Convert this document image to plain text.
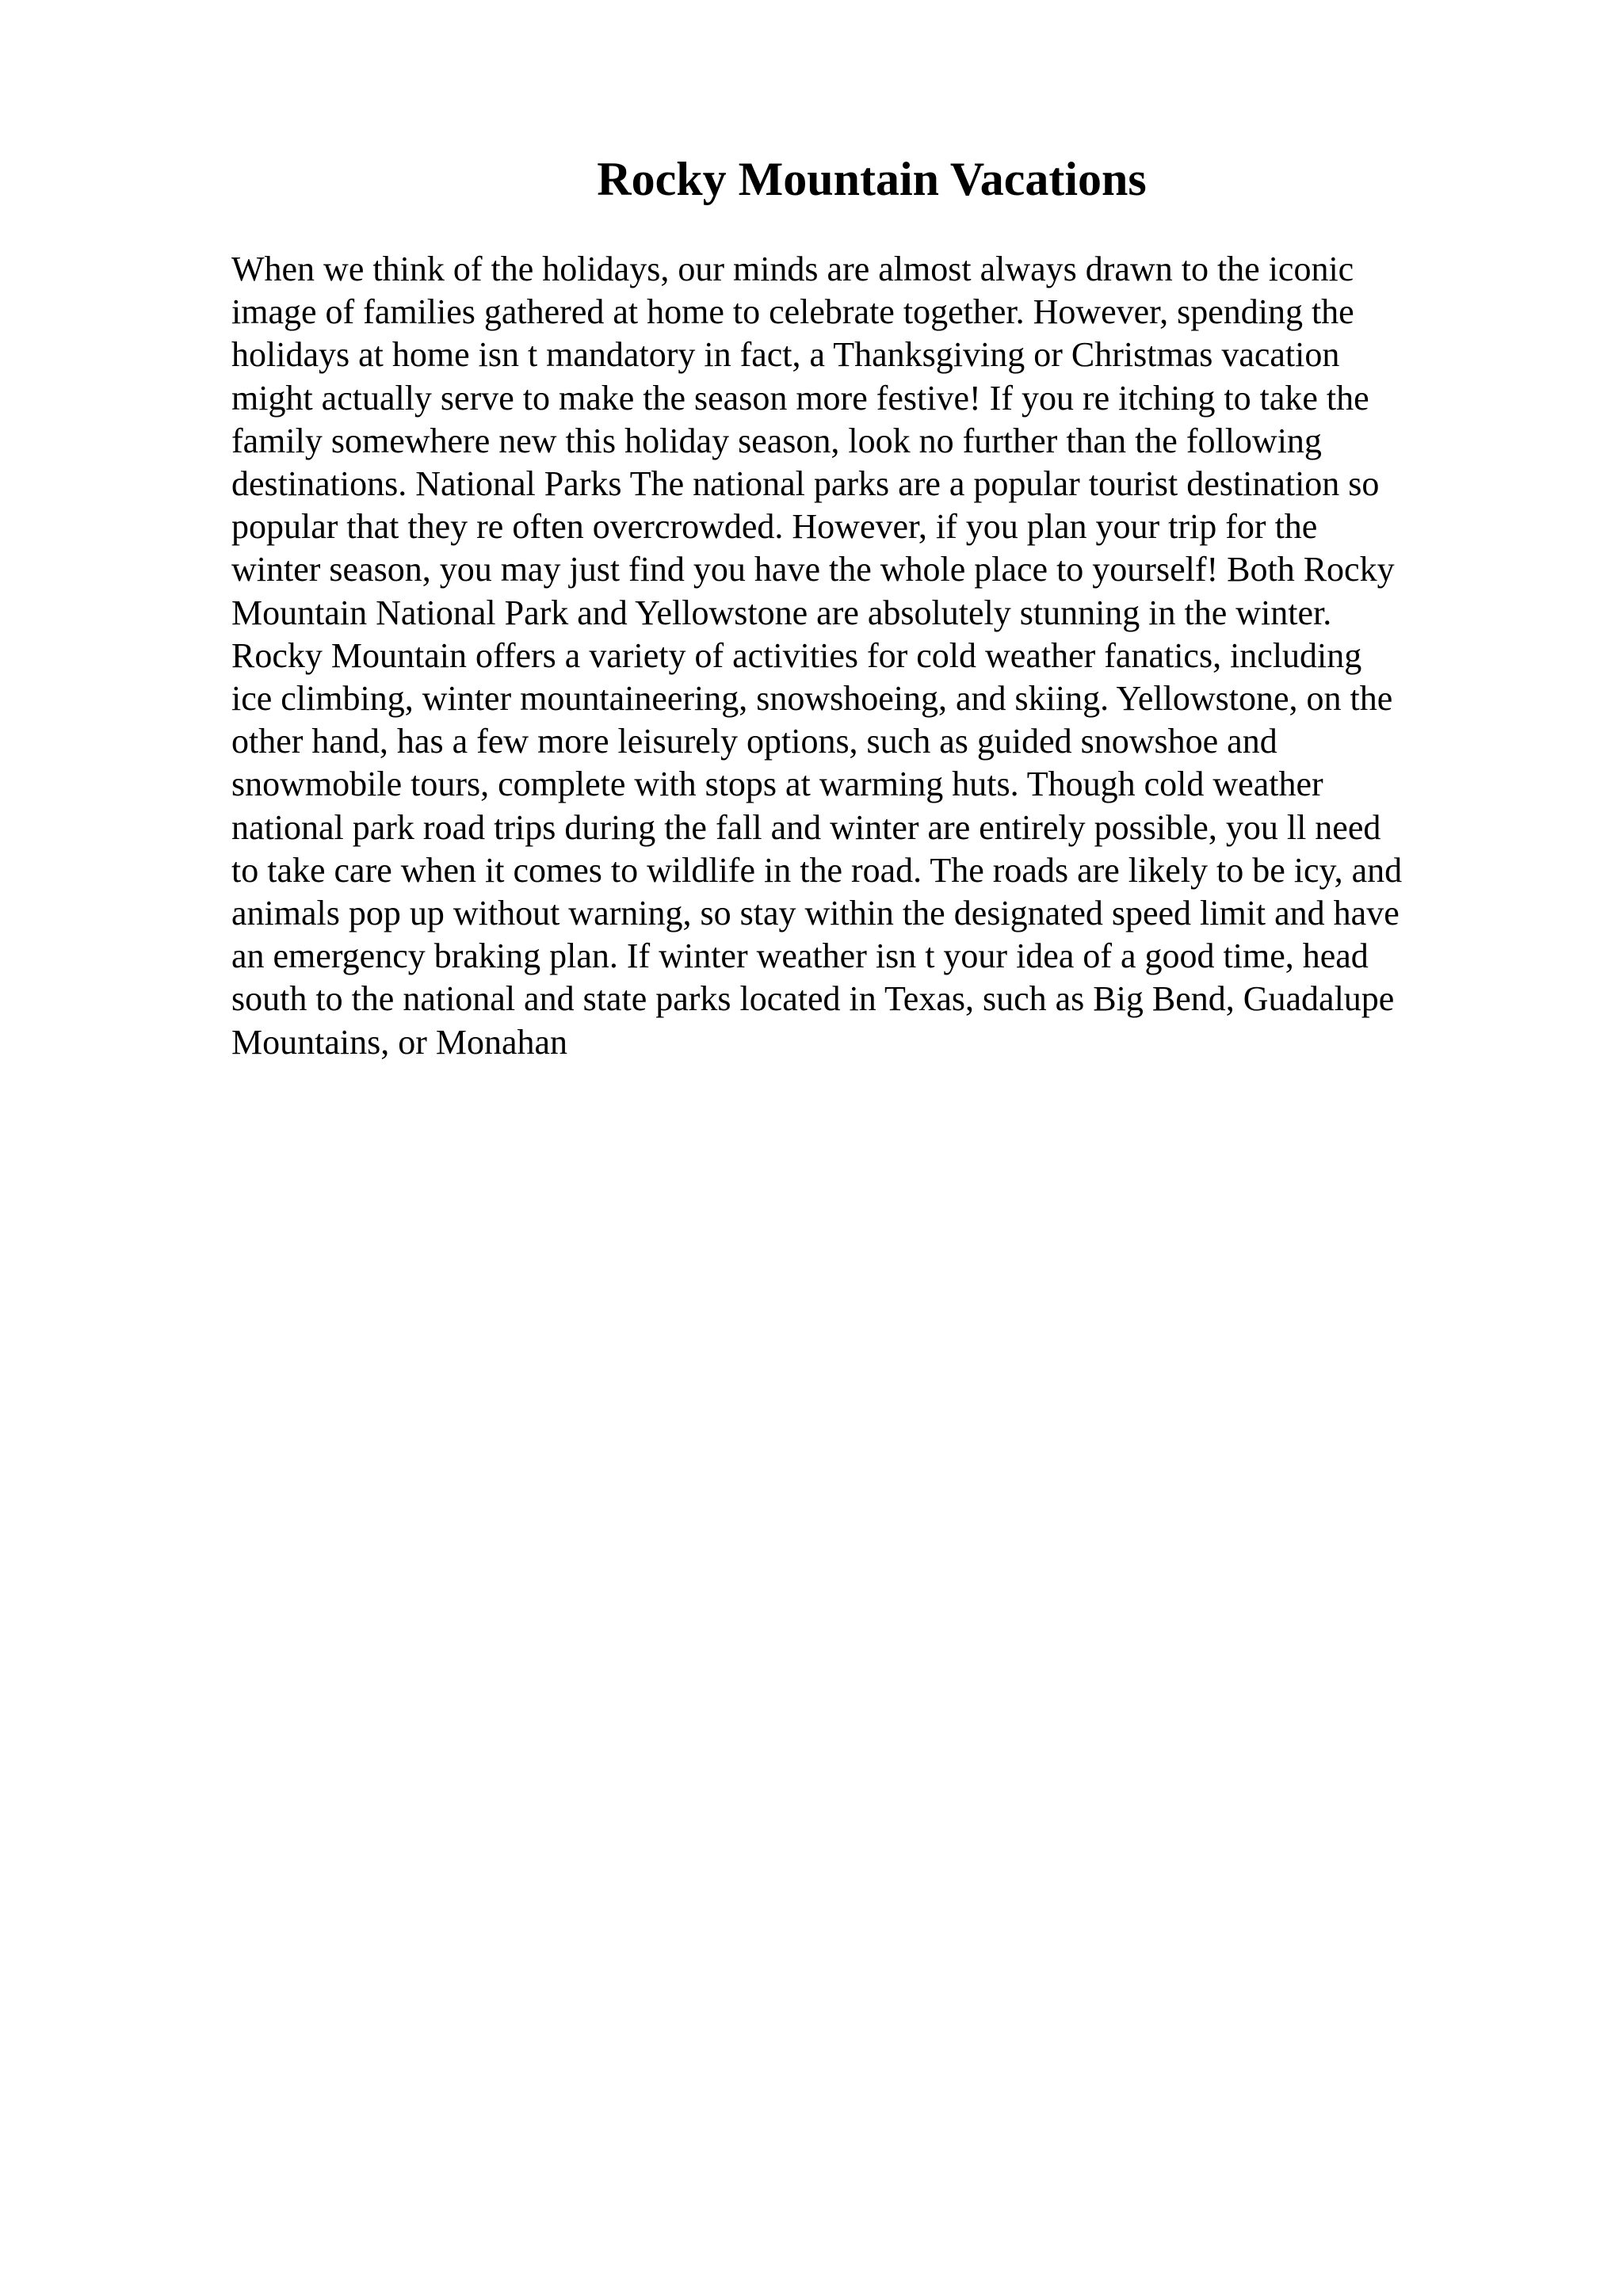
Rocky Mountain Vacations
When we think of the holidays, our minds are almost always drawn to the iconic
image of families gathered at home to celebrate together. However, spending the
holidays at home isn t mandatory in fact, a Thanksgiving or Christmas vacation
might actually serve to make the season more festive! If you re itching to take the
family somewhere new this holiday season, look no further than the following
destinations. National Parks The national parks are a popular tourist destination so
popular that they re often overcrowded. However, if you plan your trip for the
winter season, you may just find you have the whole place to yourself! Both Rocky
Mountain National Park and Yellowstone are absolutely stunning in the winter.
Rocky Mountain offers a variety of activities for cold weather fanatics, including
ice climbing, winter mountaineering, snowshoeing, and skiing. Yellowstone, on the
other hand, has a few more leisurely options, such as guided snowshoe and
snowmobile tours, complete with stops at warming huts. Though cold weather
national park road trips during the fall and winter are entirely possible, you ll need
to take care when it comes to wildlife in the road. The roads are likely to be icy, and
animals pop up without warning, so stay within the designated speed limit and have
an emergency braking plan. If winter weather isn t your idea of a good time, head
south to the national and state parks located in Texas, such as Big Bend, Guadalupe
Mountains, or Monahan
